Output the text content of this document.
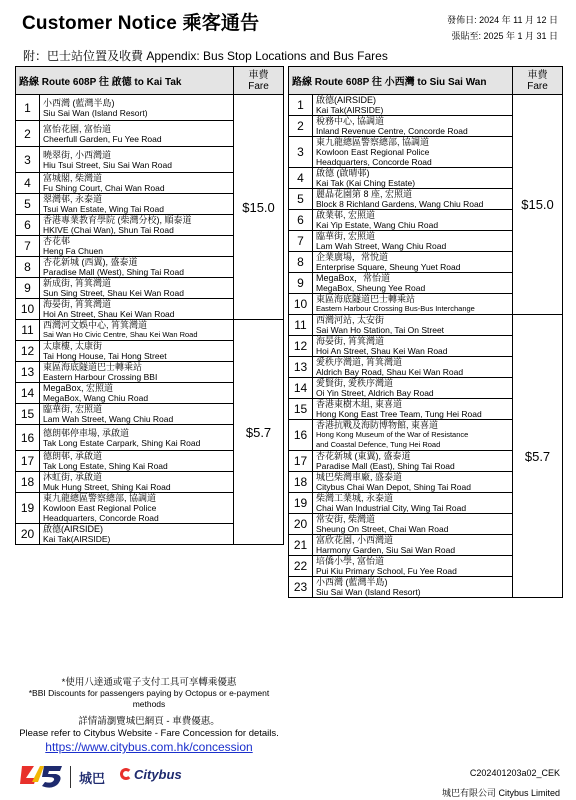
Customer Notice 乘客通告	發佈日: 2024 年 11 月 12 日
張貼至: 2025 年 1 月 31 日
附：巴士站位置及收費 Appendix: Bus Stop Locations and Bus Fares
路線 Route 608P 往 啟德 to Kai Tak		車費
Fare

1	小西灣 (藍灣半島)
Siu Sai Wan (Island Resort)	$15.0
2	富怡花園, 富怡道
Cheerfull Garden, Fu Yee Road	

3	曉翠街, 小西灣道
Hiu Tsui Street, Siu Sai Wan Road	

4	富城閣, 柴灣道
Fu Shing Court, Chai Wan Road	

5	翠灣邨, 永泰道
Tsui Wan Estate, Wing Tai Road	

6	香港專業教育學院 (柴灣分校), 順泰道
HKIVE (Chai Wan), Shun Tai Road	

7	杏花邨
Heng Fa Chuen	

8	杏花新城 (西翼), 盛泰道
Paradise Mall (West), Shing Tai Road	

9	新成街, 筲箕灣道
Sun Sing Street, Shau Kei Wan Road	

10	海晏街, 筲箕灣道
Hoi An Street, Shau Kei Wan Road	

11	西灣河文娛中心, 筲箕灣道
Sai Wan Ho Civic Centre, Shau Kei Wan Road	$5.7
12	太康樓, 太康街
Tai Hong House, Tai Hong Street	

13	東區海底隧道巴士轉乘站
Eastern Harbour Crossing BBI	

14	MegaBox, 宏照道
MegaBox, Wang Chiu Road	

15	臨華街, 宏照道
Lam Wah Street, Wang Chiu Road	

16	德朗邨停車場, 承啟道
Tak Long Estate Carpark, Shing Kai Road	

17	德朗邨, 承啟道
Tak Long Estate, Shing Kai Road	

18	沐虹街, 承啟道
Muk Hung Street, Shing Kai Road	

19	東九龍總區警察總部, 協調道
Kowloon East Regional Police
Headquarters, Concorde Road	

20	啟德(AIRSIDE)
Kai Tak(AIRSIDE)	
路線 Route 608P 往 小西灣 to Siu Sai Wan		車費
Fare

1	啟德(AIRSIDE)
Kai Tak(AIRSIDE)	$15.0
2	稅務中心, 協調道
Inland Revenue Centre, Concorde Road	

3	東九龍總區警察總部, 協調道
Kowloon East Regional Police
Headquarters, Concorde Road	

4	啟德 (啟晴邨)
Kai Tak (Kai Ching Estate)	

5	麗晶花園第 8 座, 宏照道
Block 8 Richland Gardens, Wang Chiu Road	

6	啟業邨, 宏照道
Kai Yip Estate, Wang Chiu Road	

7	臨華街, 宏照道
Lam Wah Street, Wang Chiu Road	

8	企業廣場，常悅道
Enterprise Square, Sheung Yuet Road	

9	MegaBox，常怡道
MegaBox, Sheung Yee Road	

10	東區海底隧道巴士轉乘站
Eastern Harbour Crossing Bus-Bus Interchange	

11	西灣河站, 太安街
Sai Wan Ho Station, Tai On Street	$5.7
12	海晏街, 筲箕灣道
Hoi An Street, Shau Kei Wan Road	

13	愛秩序灣道, 筲箕灣道
Aldrich Bay Road, Shau Kei Wan Road	

14	愛賢街, 愛秩序灣道
Oi Yin Street, Aldrich Bay Road	

15	香港東樹木組, 東喜道
Hong Kong East Tree Team, Tung Hei Road	

16	香港抗戰及海防博物館, 東喜道
Hong Kong Museum of the War of Resistance
and Coastal Defence, Tung Hei Road	

17	杏花新城 (東翼), 盛泰道
Paradise Mall (East), Shing Tai Road	

18	城巴柴灣車廠, 盛泰道
Citybus Chai Wan Depot, Shing Tai Road	

19	柴灣工業城, 永泰道
Chai Wan Industrial City, Wing Tai Road	

20	常安街, 柴灣道
Sheung On Street, Chai Wan Road	

21	富欣花園, 小西灣道
Harmony Garden, Siu Sai Wan Road	

22	培僑小學, 富怡道
Pui Kiu Primary School, Fu Yee Road	

23	小西灣 (藍灣半島)
Siu Sai Wan (Island Resort)	
*使用八達通或電子支付工具可享轉乘優惠
*BBI Discounts for passengers paying by Octopus or e-payment methods
詳情請瀏覽城巴網頁 - 車費優惠。
Please refer to Citybus Website - Fare Concession for details.
https://www.citybus.com.hk/concession
城巴	Citybus	C202401203a02_CEK
城巴有限公司 Citybus Limited
